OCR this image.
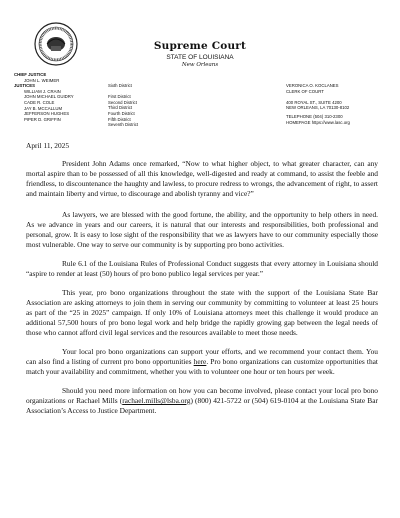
Supreme Court
STATE OF LOUISIANA
New Orleans
CHIEF JUSTICE
JOHN L. WEIMER
JUSTICES
WILLIAM J. CRAIN
JOHN MICHAEL GUIDRY
CADE R. COLE
JAY B. MCCALLUM
JEFFERSON HUGHES
PIPER D. GRIFFIN
Sixth District

First District
Second District
Third District
Fourth District
Fifth District
Seventh District
VERONICA O. KOCLANES
CLERK OF COURT
400 ROYAL ST., SUITE 4200
NEW ORLEANS, LA 70130-8102
TELEPHONE (504) 310-2300
HOMEPAGE https://www.lasc.org
April 11, 2025

President John Adams once remarked, “Now to what higher object, to what greater character, can any mortal aspire than to be possessed of all this knowledge, well-digested and ready at command, to assist the feeble and friendless, to discountenance the haughty and lawless, to procure redress to wrongs, the advancement of right, to assert and maintain liberty and virtue, to discourage and abolish tyranny and vice?”

As lawyers, we are blessed with the good fortune, the ability, and the opportunity to help others in need. As we advance in years and our careers, it is natural that our interests and responsibilities, both professional and personal, grow. It is easy to lose sight of the responsibility that we as lawyers have to our community especially those most vulnerable. One way to serve our community is by supporting pro bono activities.

Rule 6.1 of the Louisiana Rules of Professional Conduct suggests that every attorney in Louisiana should “aspire to render at least (50) hours of pro bono publico legal services per year.”

This year, pro bono organizations throughout the state with the support of the Louisiana State Bar Association are asking attorneys to join them in serving our community by committing to volunteer at least 25 hours as part of the “25 in 2025” campaign. If only 10% of Louisiana attorneys meet this challenge it would produce an additional 57,500 hours of pro bono legal work and help bridge the rapidly growing gap between the legal needs of those who cannot afford civil legal services and the resources available to meet those needs.

Your local pro bono organizations can support your efforts, and we recommend your contact them. You can also find a listing of current pro bono opportunities here. Pro bono organizations can customize opportunities that match your availability and commitment, whether you with to volunteer one hour or ten hours per week.

Should you need more information on how you can become involved, please contact your local pro bono organizations or Rachael Mills (rachael.mills@lsba.org) (800) 421-5722 or (504) 619-0104 at the Louisiana State Bar Association’s Access to Justice Department.
